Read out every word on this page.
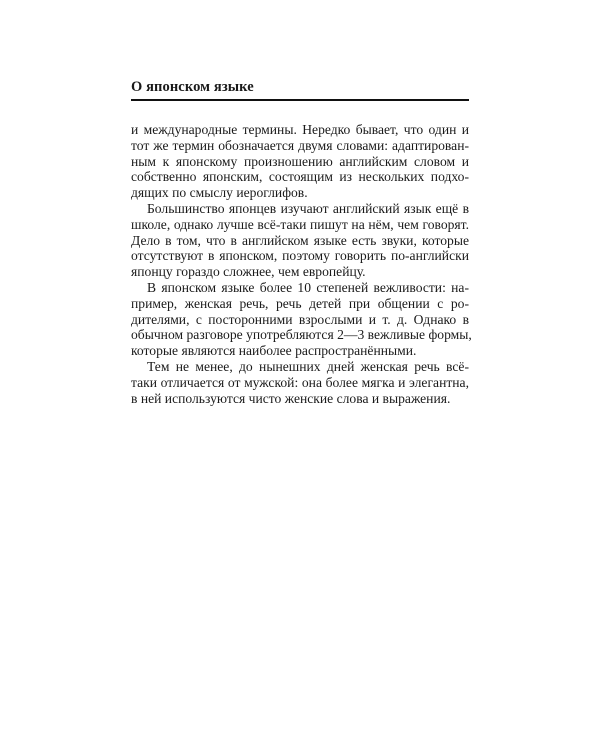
О японском языке
и международные термины. Нередко бывает, что один и
тот же термин обозначается двумя словами: адаптирован-
ным к японскому произношению английским словом и
собственно японским, состоящим из нескольких подхо-
дящих по смыслу иероглифов.
Большинство японцев изучают английский язык ещё в
школе, однако лучше всё-таки пишут на нём, чем говорят.
Дело в том, что в английском языке есть звуки, которые
отсутствуют в японском, поэтому говорить по-английски
японцу гораздо сложнее, чем европейцу.
В японском языке более 10 степеней вежливости: на-
пример, женская речь, речь детей при общении с ро-
дителями, с посторонними взрослыми и т. д. Однако в
обычном разговоре употребляются 2—3 вежливые формы,
которые являются наиболее распространёнными.
Тем не менее, до нынешних дней женская речь всё-
таки отличается от мужской: она более мягка и элегантна,
в ней используются чисто женские слова и выражения.
